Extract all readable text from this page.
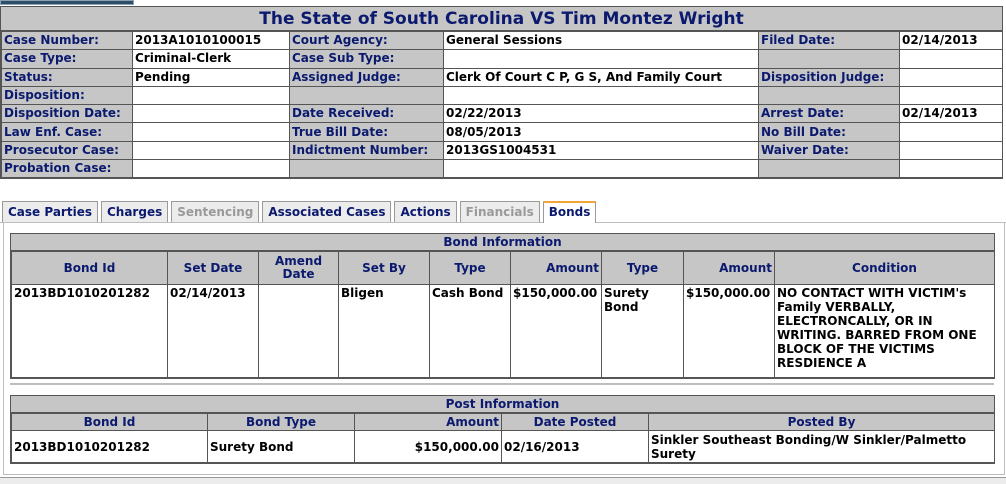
The State of South Carolina VS Tim Montez Wright
Case Number:	2013A1010100015	Court Agency:	General Sessions	Filed Date:	02/14/2013
Case Type:	Criminal-Clerk	Case Sub Type:			
Status:	Pending	Assigned Judge:	Clerk Of Court C P, G S, And Family Court	Disposition Judge:	
Disposition:					
Disposition Date:		Date Received:	02/22/2013	Arrest Date:	02/14/2013
Law Enf. Case:		True Bill Date:	08/05/2013	No Bill Date:	
Prosecutor Case:		Indictment Number:	2013GS1004531	Waiver Date:	
Probation Case:					
Case Parties	Charges	Sentencing	Associated Cases	Actions	Financials	Bonds
Bond Information
Bond Id	Set Date	Amend Date	Set By	Type	Amount	Type	Amount	Condition
2013BD1010201282	02/14/2013		Bligen	Cash Bond	$150,000.00	Surety Bond	$150,000.00	NO CONTACT WITH VICTIM's Family VERBALLY, ELECTRONCALLY, OR IN WRITING. BARRED FROM ONE BLOCK OF THE VICTIMS RESDIENCE A
Post Information
Bond Id	Bond Type	Amount	Date Posted	Posted By
2013BD1010201282	Surety Bond	$150,000.00	02/16/2013	Sinkler Southeast Bonding/W Sinkler/Palmetto Surety
